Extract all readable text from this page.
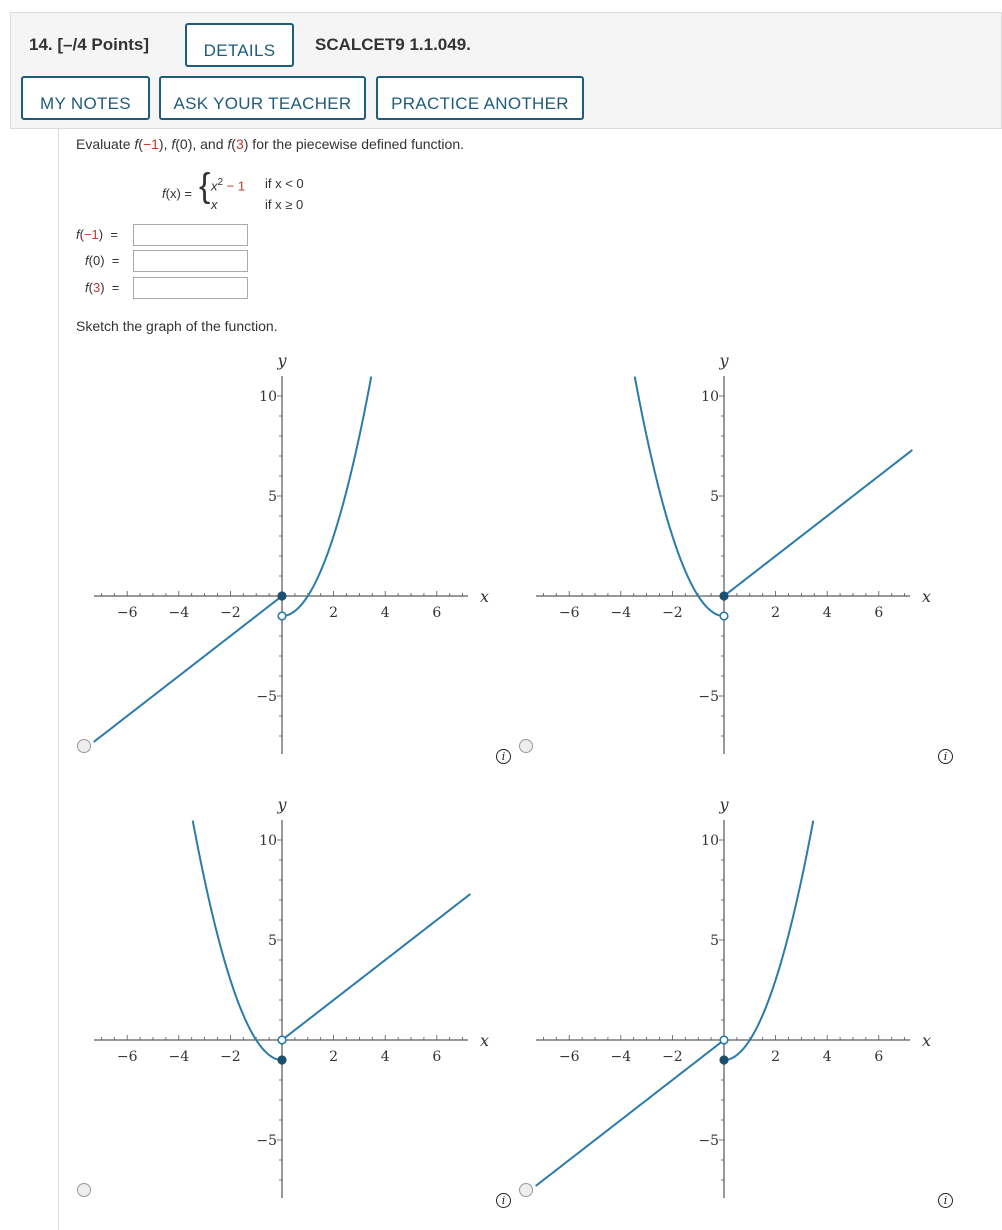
14. [–/4 Points]	DETAILS	SCALCET9 1.1.049.
MY NOTES	ASK YOUR TEACHER	PRACTICE ANOTHER
Evaluate f(−1), f(0), and f(3) for the piecewise defined function.
f(x) = { $x^2 - 1$ if x < 0
x	if x ≥ 0
f(−1) =
f(0) =
f(3) =
Sketch the graph of the function.
−6 −4 −2	2	4	6
−5
5
10
x
y
−6 −4 −2	2	4	6
−5
5
10
x
y
−6 −4 −2	2	4	6
−5
5
10
x
y
−6 −4 −2	2	4	6
−5
5
10
x
y
i	i
i	i
